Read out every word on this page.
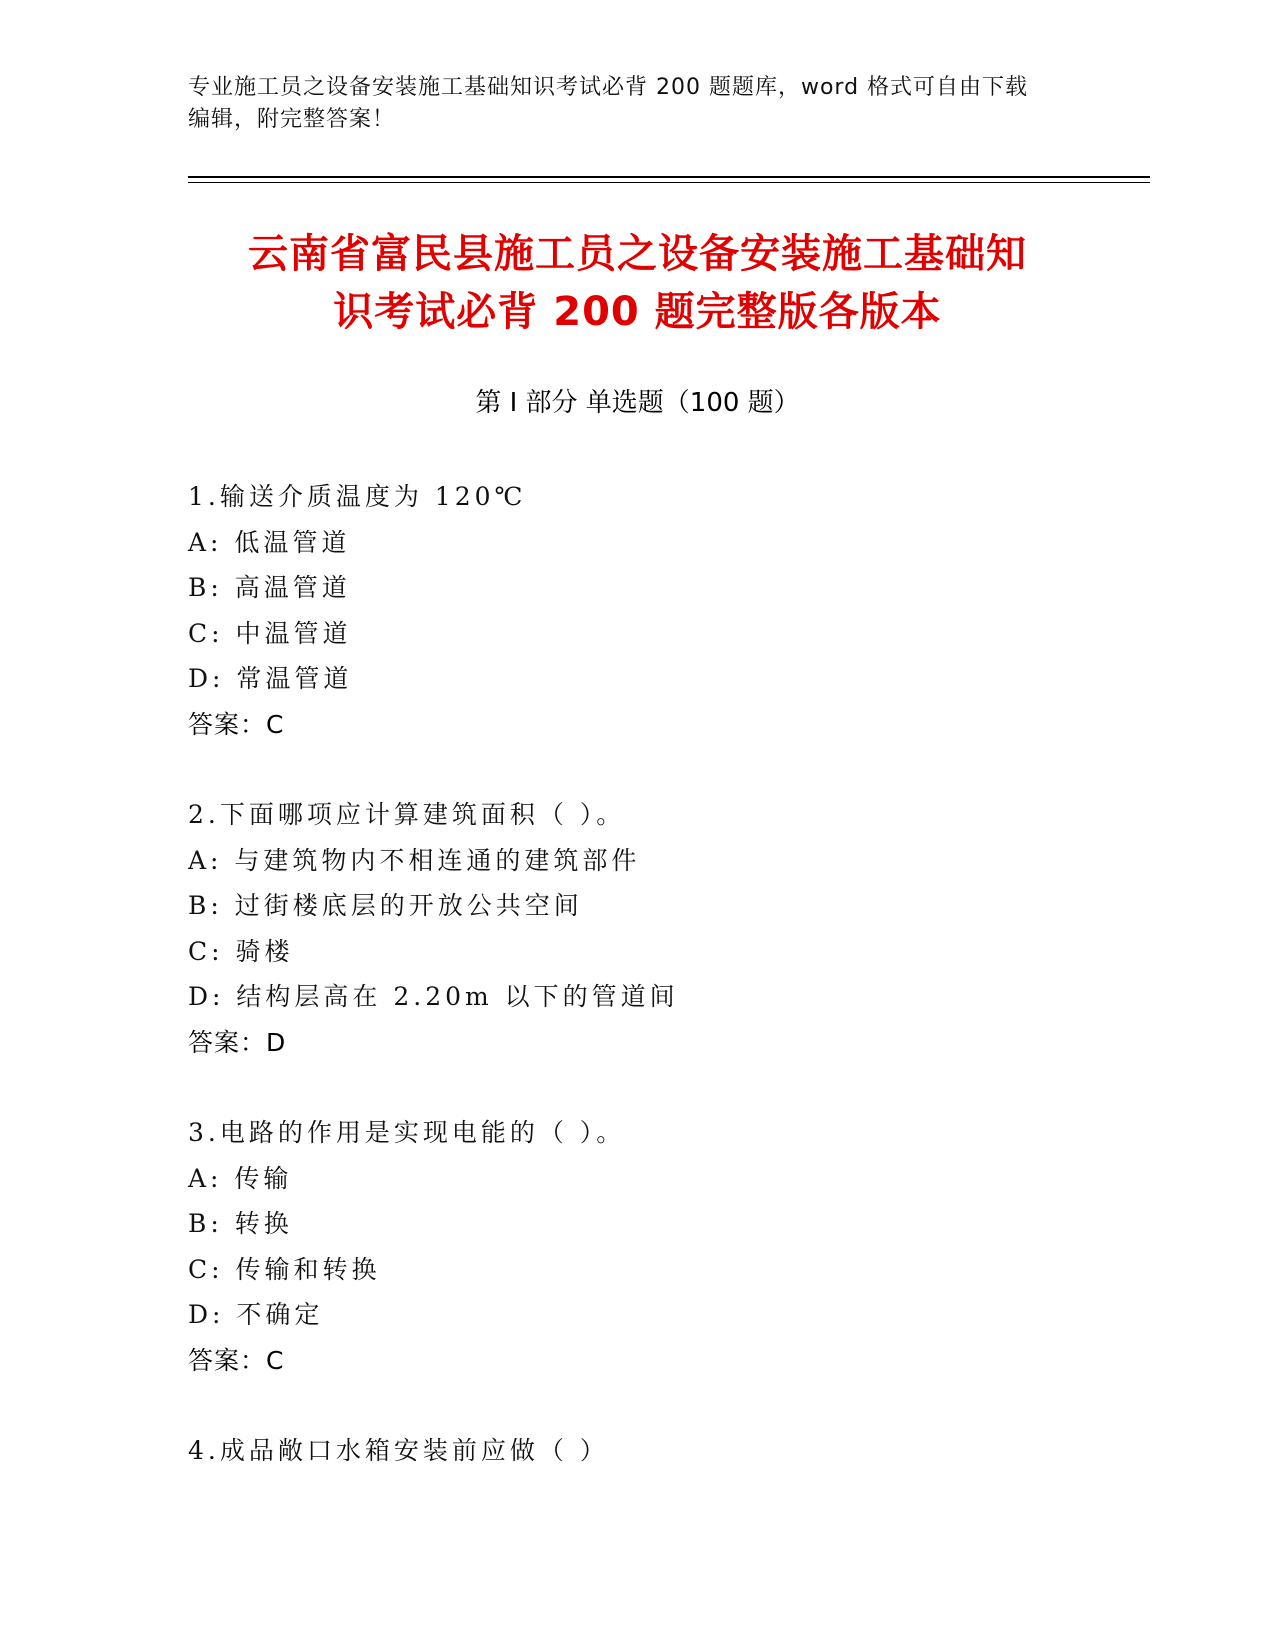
专业施工员之设备安装施工基础知识考试必背 200 题题库，word 格式可自由下载
编辑，附完整答案！
云南省富民县施工员之设备安装施工基础知
识考试必背 200 题完整版各版本
第 I 部分 单选题（100 题）
1.输送介质温度为 120℃
A: 低温管道
B: 高温管道
C: 中温管道
D: 常温管道
答案：C
2.下面哪项应计算建筑面积（ ）。
A: 与建筑物内不相连通的建筑部件
B: 过街楼底层的开放公共空间
C: 骑楼
D: 结构层高在 2.20m 以下的管道间
答案：D
3.电路的作用是实现电能的（ ）。
A: 传输
B: 转换
C: 传输和转换
D: 不确定
答案：C
4.成品敞口水箱安装前应做（ ）
